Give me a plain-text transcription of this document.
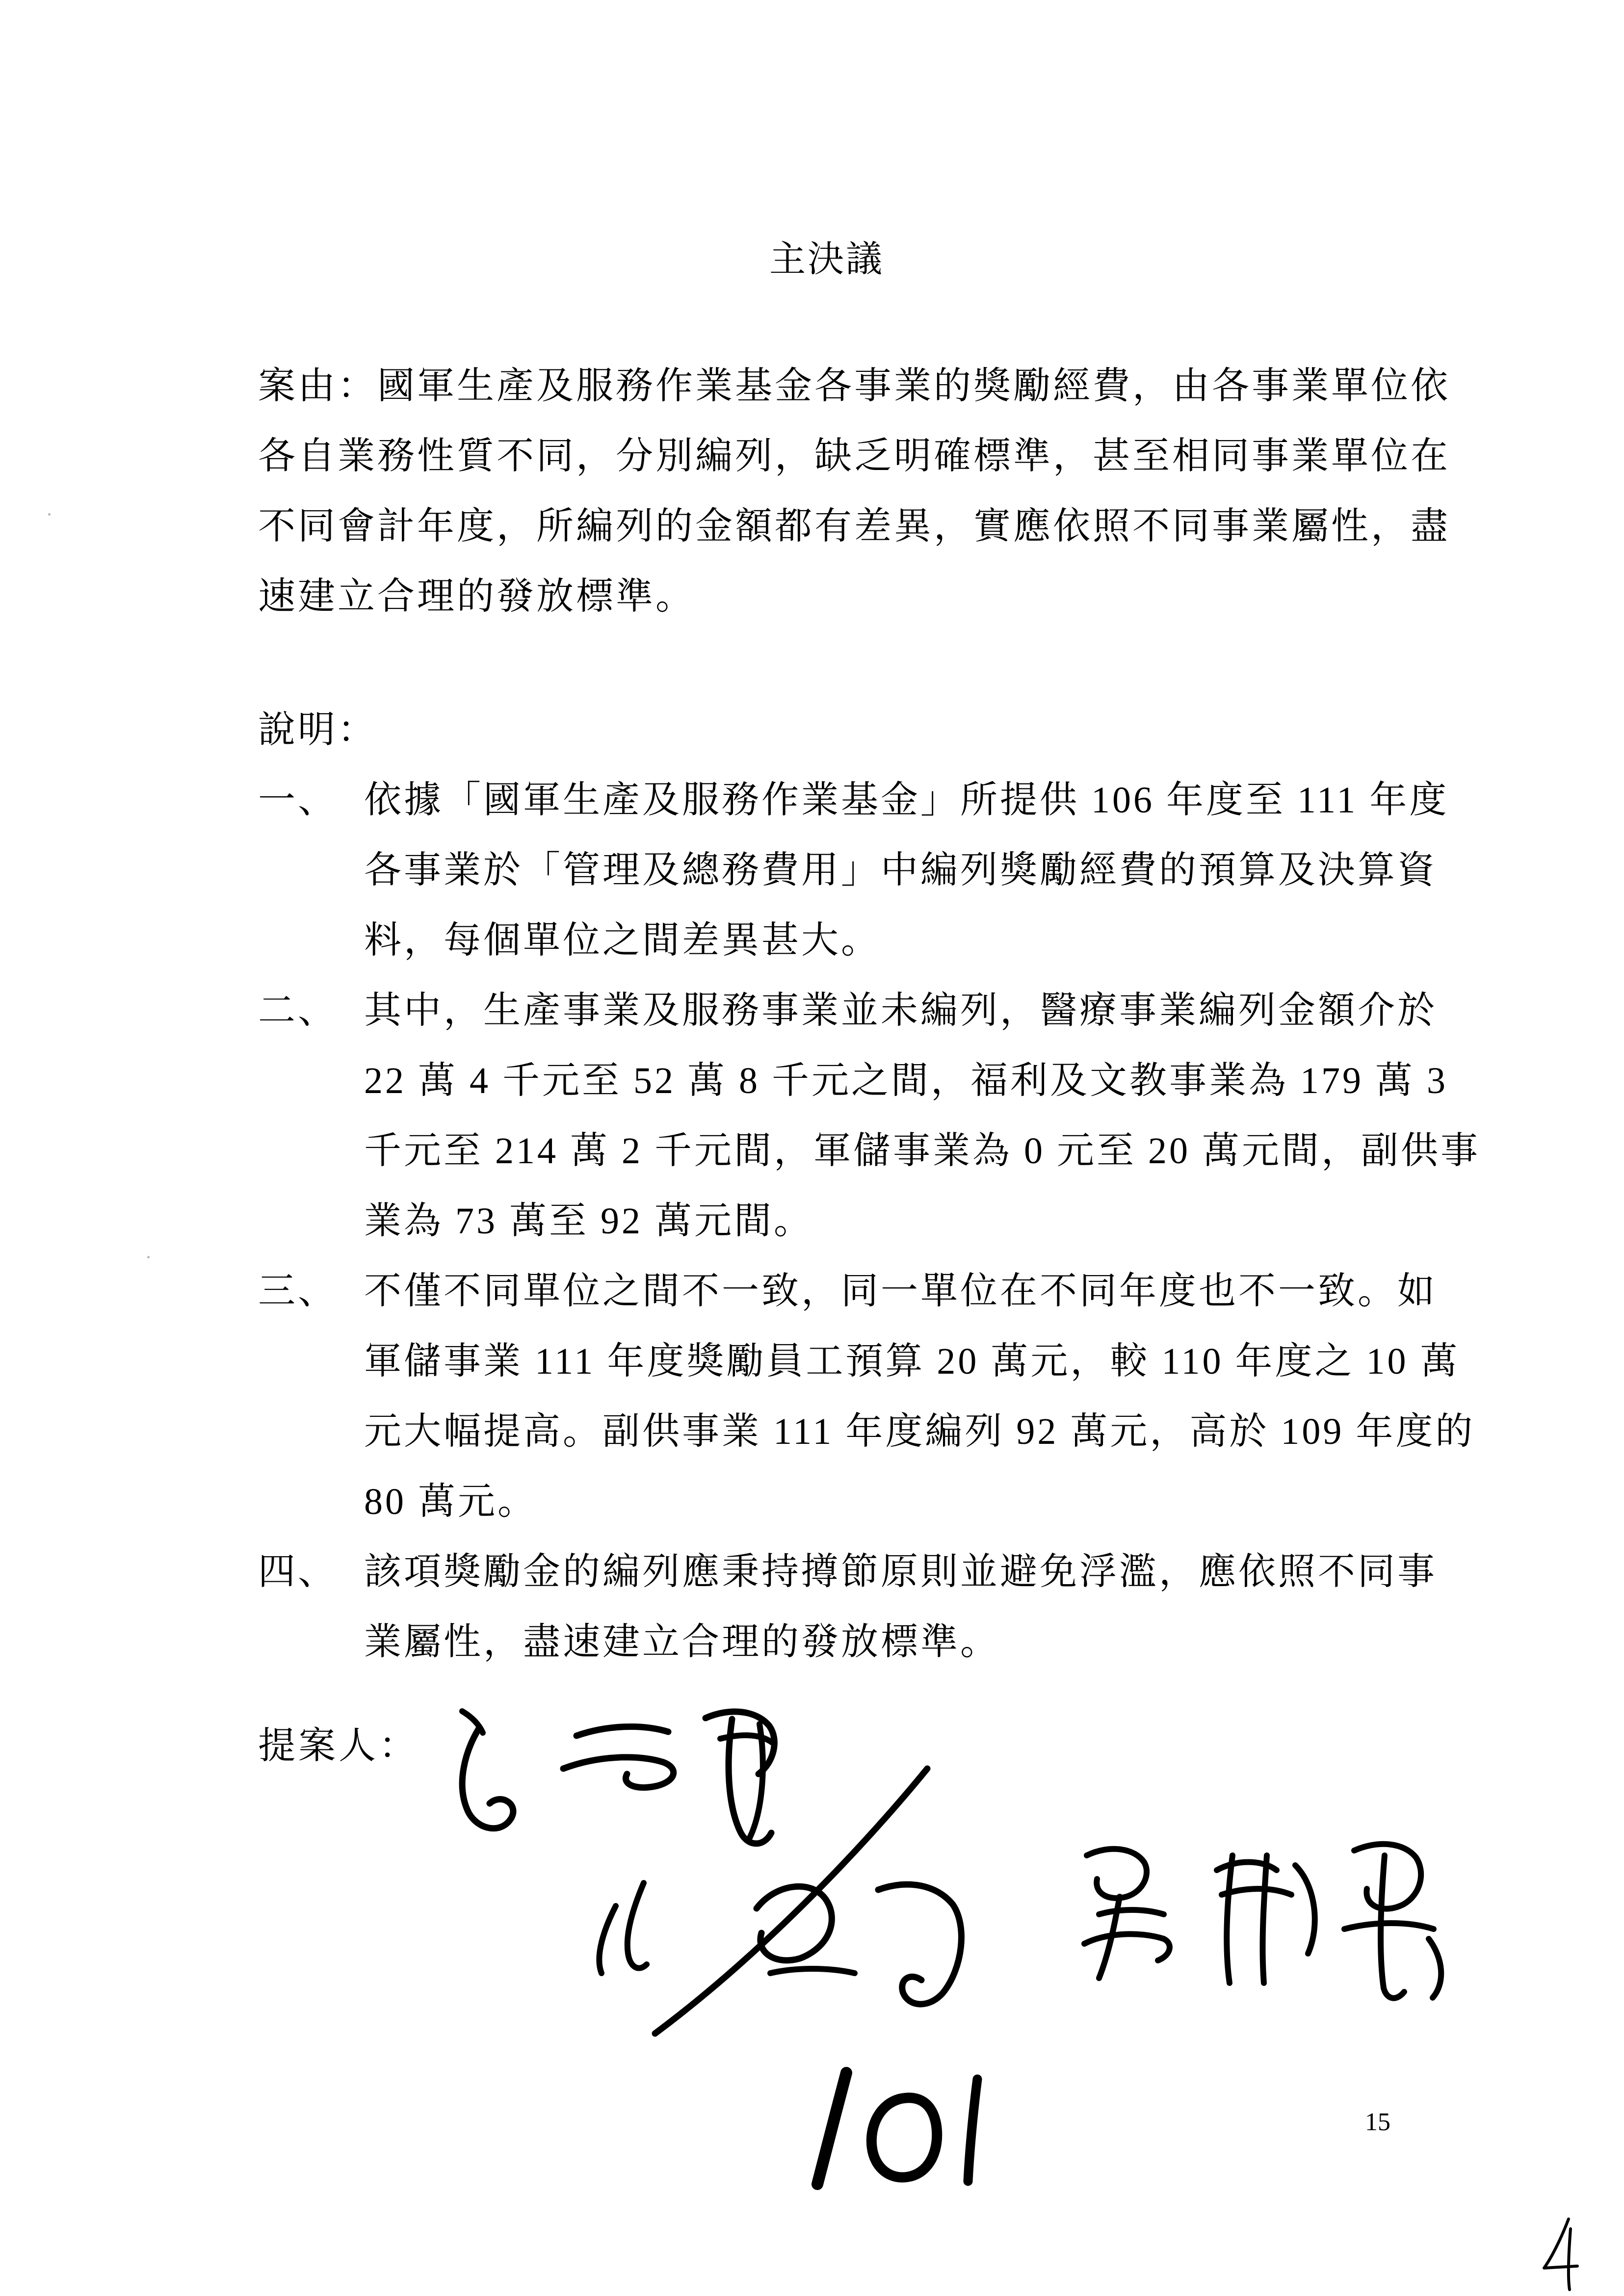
主決議
案由：國軍生產及服務作業基金各事業的獎勵經費，由各事業單位依
各自業務性質不同，分別編列，缺乏明確標準，甚至相同事業單位在
不同會計年度，所編列的金額都有差異，實應依照不同事業屬性，盡
速建立合理的發放標準。
說明：
一、 依據「國軍生產及服務作業基金」所提供 106 年度至 111 年度
各事業於「管理及總務費用」中編列獎勵經費的預算及決算資
料，每個單位之間差異甚大。
二、 其中，生產事業及服務事業並未編列，醫療事業編列金額介於
22 萬 4 千元至 52 萬 8 千元之間，福利及文教事業為 179 萬 3
千元至 214 萬 2 千元間，軍儲事業為 0 元至 20 萬元間，副供事
業為 73 萬至 92 萬元間。
三、 不僅不同單位之間不一致，同一單位在不同年度也不一致。如
軍儲事業 111 年度獎勵員工預算 20 萬元，較 110 年度之 10 萬
元大幅提高。副供事業 111 年度編列 92 萬元，高於 109 年度的
80 萬元。
四、 該項獎勵金的編列應秉持撙節原則並避免浮濫，應依照不同事
業屬性，盡速建立合理的發放標準。
提案人：
15
